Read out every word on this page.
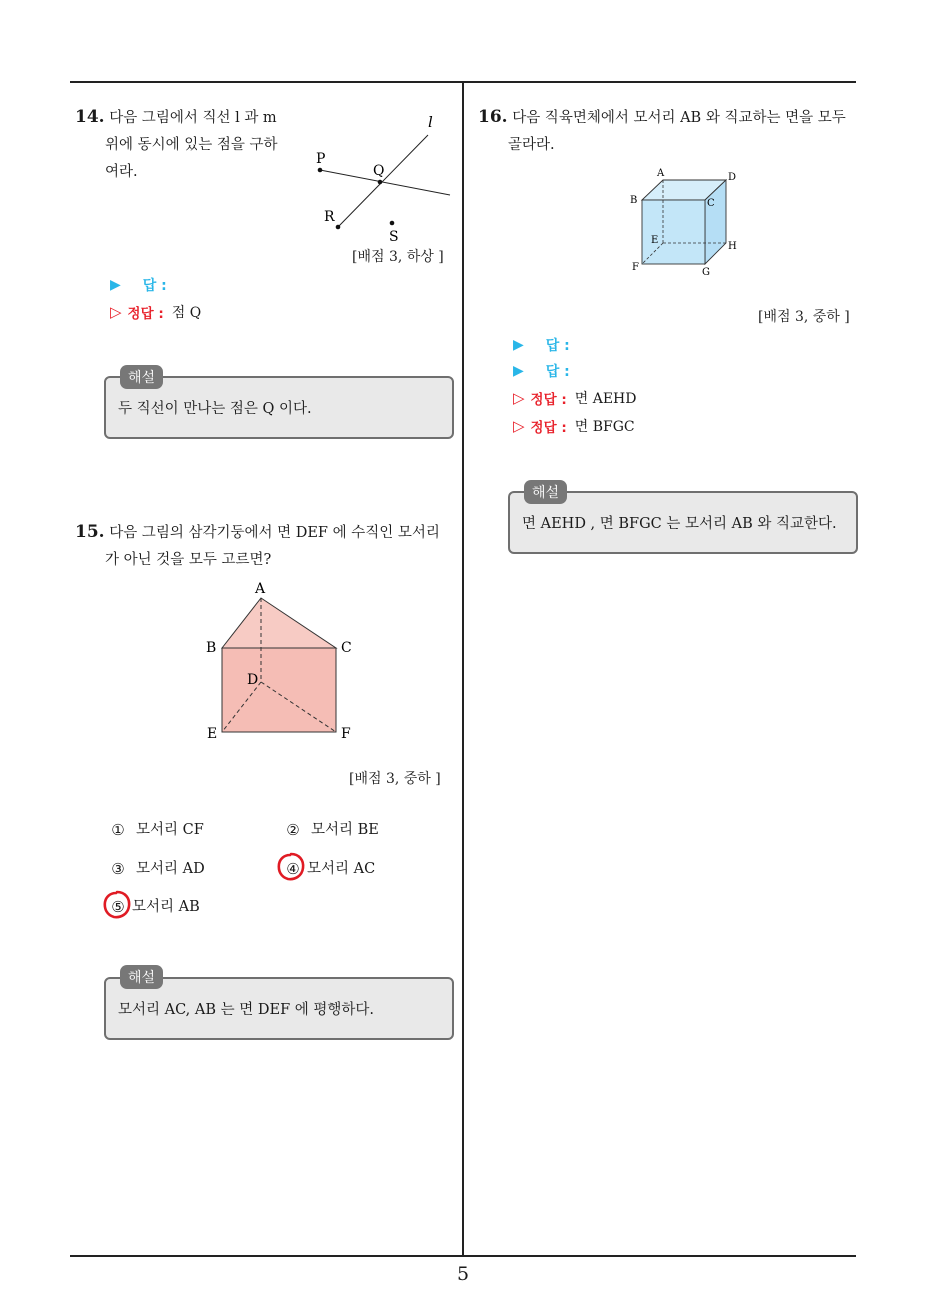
5
14. 다음 그림에서 직선 l 과 m
위에 동시에 있는 점을 구하
여라.
l
P
Q
R
S
[배점 3, 하상 ]
▶ 답 :
▷ 정답 : 점 Q
두 직선이 만나는 점은 Q 이다.
해설
15. 다음 그림의 삼각기둥에서 면 DEF 에 수직인 모서리
가 아닌 것을 모두 고르면?
A
B	C
D
E	F
[배점 3, 중하 ]
① 모서리 CF	② 모서리 BE
③ 모서리 AD	④ 모서리 AC
⑤ 모서리 AB
모서리 AC, AB 는 면 DEF 에 평행하다.
해설
16. 다음 직육면체에서 모서리 AB 와 직교하는 면을 모두
골라라.
A
B	C
D
E
F	G
H
[배점 3, 중하 ]
▶ 답 :
▶ 답 :
▷ 정답 : 면 AEHD
▷ 정답 : 면 BFGC
면 AEHD , 면 BFGC 는 모서리 AB 와 직교한다.
해설
